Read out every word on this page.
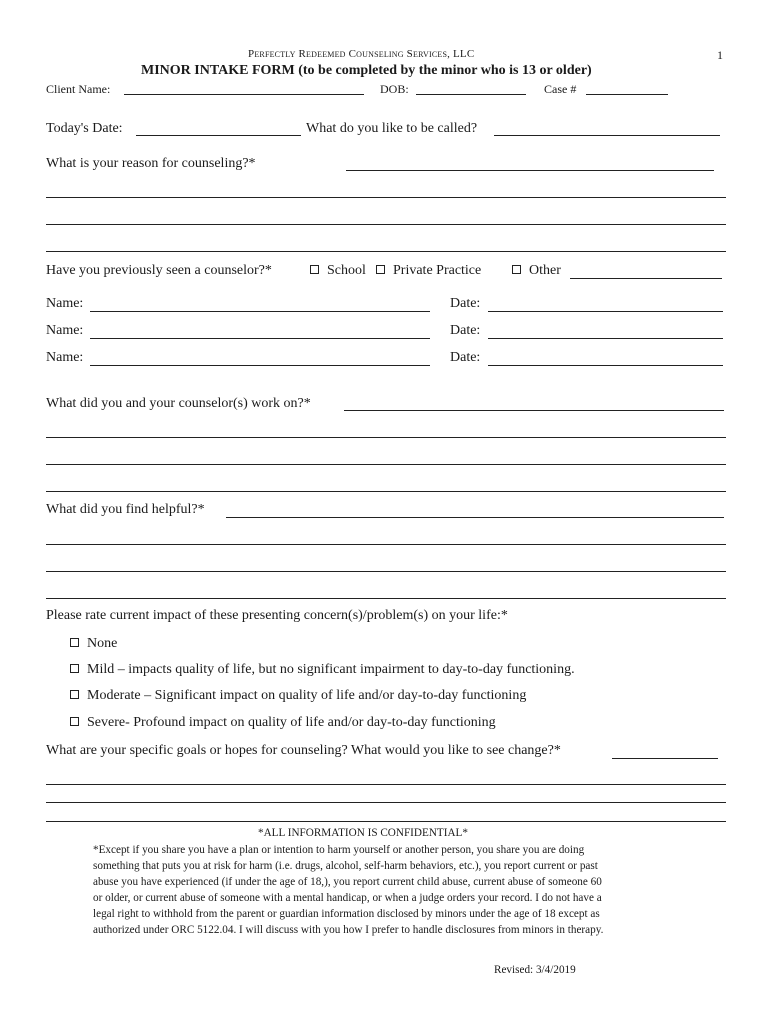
Perfectly Redeemed Counseling Services, LLC	1
MINOR INTAKE FORM (to be completed by the minor who is 13 or older)
Client Name:	DOB:	Case #
Today's Date:	What do you like to be called?
What is your reason for counseling?*
Have you previously seen a counselor?*	School	Private Practice	Other
Name:	Date:
Name:	Date:
Name:	Date:
What did you and your counselor(s) work on?*
What did you find helpful?*
Please rate current impact of these presenting concern(s)/problem(s) on your life:*
None
Mild – impacts quality of life, but no significant impairment to day-to-day functioning.
Moderate – Significant impact on quality of life and/or day-to-day functioning
Severe- Profound impact on quality of life and/or day-to-day functioning
What are your specific goals or hopes for counseling? What would you like to see change?*
*ALL INFORMATION IS CONFIDENTIAL*
*Except if you share you have a plan or intention to harm yourself or another person, you share you are doing
something that puts you at risk for harm (i.e. drugs, alcohol, self-harm behaviors, etc.), you report current or past
abuse you have experienced (if under the age of 18,), you report current child abuse, current abuse of someone 60
or older, or current abuse of someone with a mental handicap, or when a judge orders your record. I do not have a
legal right to withhold from the parent or guardian information disclosed by minors under the age of 18 except as
authorized under ORC 5122.04. I will discuss with you how I prefer to handle disclosures from minors in therapy.
Revised: 3/4/2019
